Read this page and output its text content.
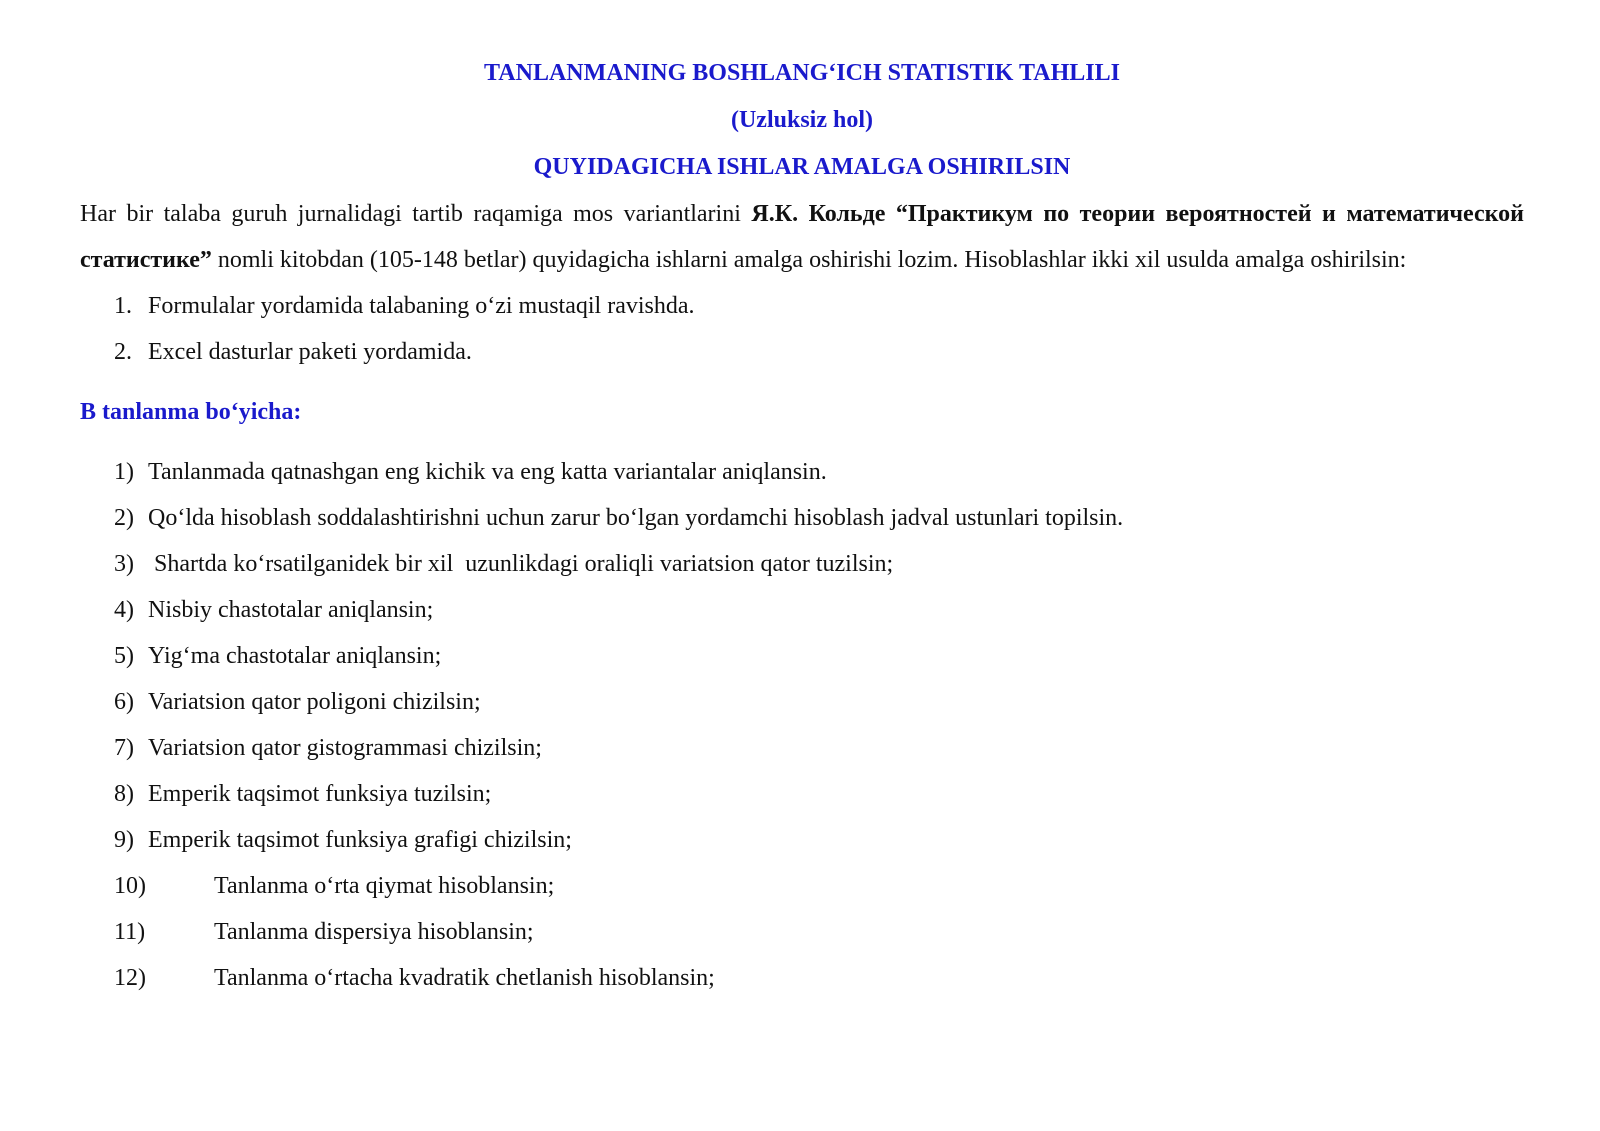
TANLANMANING BOSHLANG‘ICH STATISTIK TAHLILI
(Uzluksiz hol)
QUYIDAGICHA ISHLAR AMALGA OSHIRILSIN

Har bir talaba guruh jurnalidagi tartib raqamiga mos variantlarini Я.К. Кольде “Практикум по теории вероятностей и математической статистике” nomli kitobdan (105-148 betlar) quyidagicha ishlarni amalga oshirishi lozim. Hisoblashlar ikki xil usulda amalga oshirilsin:

1. Formulalar yordamida talabaning o‘zi mustaqil ravishda.
2. Excel dasturlar paketi yordamida.
B tanlanma bo‘yicha:
1) Tanlanmada qatnashgan eng kichik va eng katta variantalar aniqlansin.
2) Qo‘lda hisoblash soddalashtirishni uchun zarur bo‘lgan yordamchi hisoblash jadval ustunlari topilsin.
3) Shartda ko‘rsatilganidek bir xil  uzunlikdagi oraliqli variatsion qator tuzilsin;
4) Nisbiy chastotalar aniqlansin;
5) Yig‘ma chastotalar aniqlansin;
6) Variatsion qator poligoni chizilsin;
7) Variatsion qator gistogrammasi chizilsin;
8) Emperik taqsimot funksiya tuzilsin;
9) Emperik taqsimot funksiya grafigi chizilsin;
10)	Tanlanma o‘rta qiymat hisoblansin;
11)	Tanlanma dispersiya hisoblansin;
12)	Tanlanma o‘rtacha kvadratik chetlanish hisoblansin;
